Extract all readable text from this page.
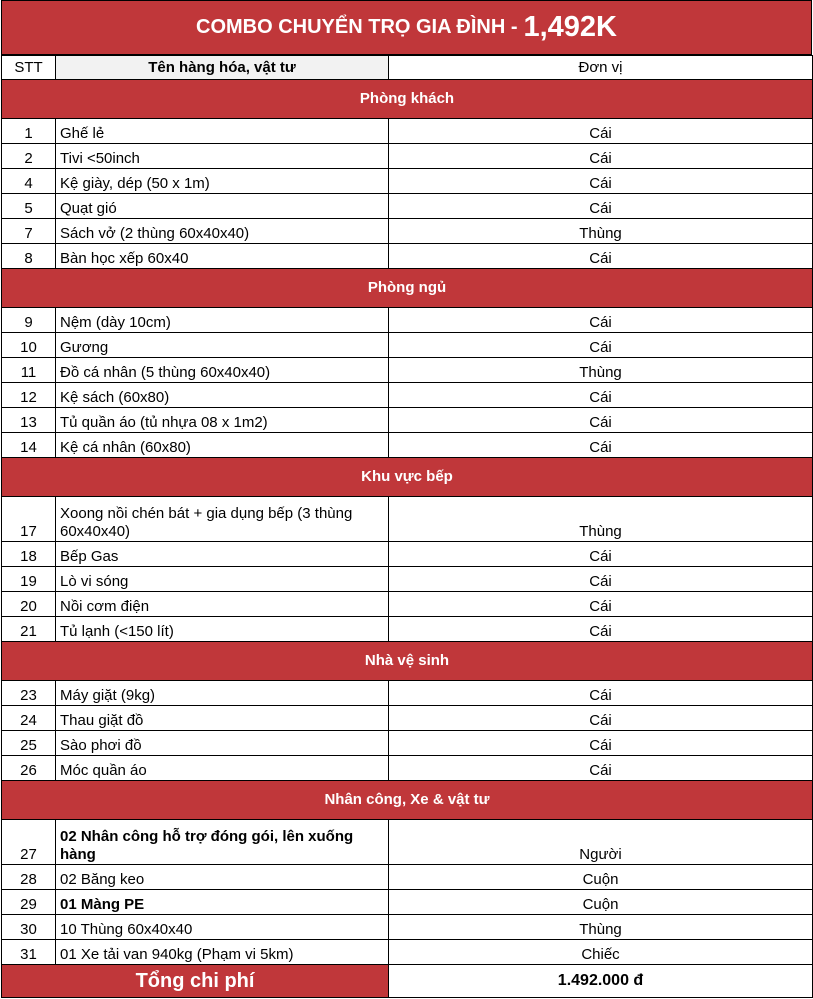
COMBO CHUYỂN TRỌ GIA ĐÌNH - 1,492K
STT	Tên hàng hóa, vật tư	Đơn vị
Phòng khách		
1	Ghế lẻ	Cái
2	Tivi <50inch	Cái
4	Kệ giày, dép (50 x 1m)	Cái
5	Quạt gió	Cái
7	Sách vở (2 thùng 60x40x40)	Thùng
8	Bàn học xếp 60x40	Cái
Phòng ngủ		
9	Nệm (dày 10cm)	Cái
10	Gương	Cái
11	Đồ cá nhân (5 thùng 60x40x40)	Thùng
12	Kệ sách (60x80)	Cái
13	Tủ quần áo (tủ nhựa 08 x 1m2)	Cái
14	Kệ cá nhân (60x80)	Cái
Khu vực bếp		
17	Xoong nồi chén bát + gia dụng bếp (3 thùng 60x40x40)	Thùng
18	Bếp Gas	Cái
19	Lò vi sóng	Cái
20	Nồi cơm điện	Cái
21	Tủ lạnh (<150 lít)	Cái
Nhà vệ sinh		
23	Máy giặt (9kg)	Cái
24	Thau giặt đồ	Cái
25	Sào phơi đồ	Cái
26	Móc quần áo	Cái
Nhân công, Xe & vật tư		
27	02 Nhân công hỗ trợ đóng gói, lên xuống hàng	Người
28	02 Băng keo	Cuộn
29	01 Màng PE	Cuộn
30	10 Thùng 60x40x40	Thùng
31	01 Xe tải van 940kg (Phạm vi 5km)	Chiếc
Tổng chi phí		1.492.000 đ
